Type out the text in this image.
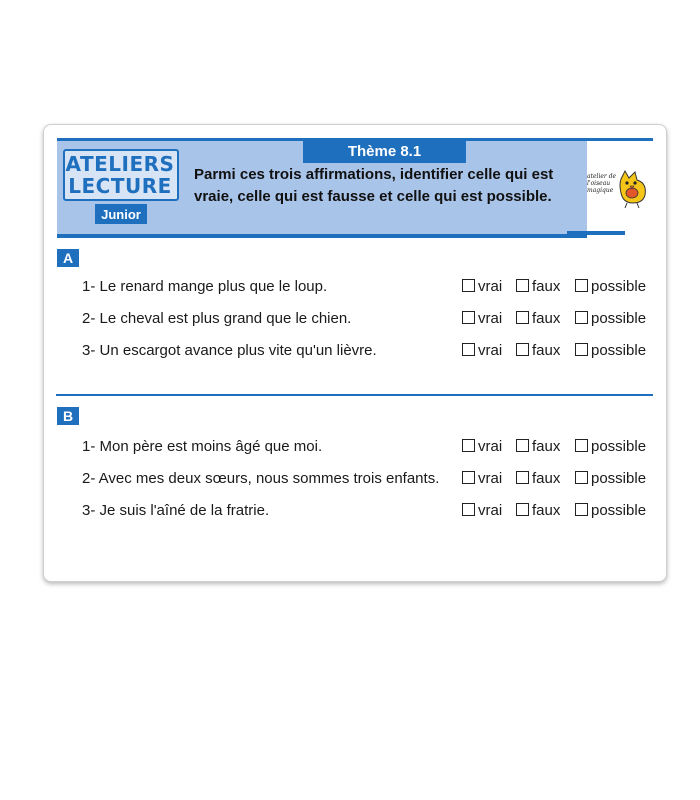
Thème 8.1
ATELIERS
LECTURE
Junior
Parmi ces trois affirmations, identifier celle qui est vraie, celle qui est fausse et celle qui est possible.
atelier de l'oiseau magique
A
1- Le renard mange plus que le loup.	vrai	faux	possible
2- Le cheval est plus grand que le chien.	vrai	faux	possible
3- Un escargot avance plus vite qu'un lièvre.	vrai	faux	possible
B
1- Mon père est moins âgé que moi.	vrai	faux	possible
2- Avec mes deux sœurs, nous sommes trois enfants.	vrai	faux	possible
3- Je suis l'aîné de la fratrie.	vrai	faux	possible
